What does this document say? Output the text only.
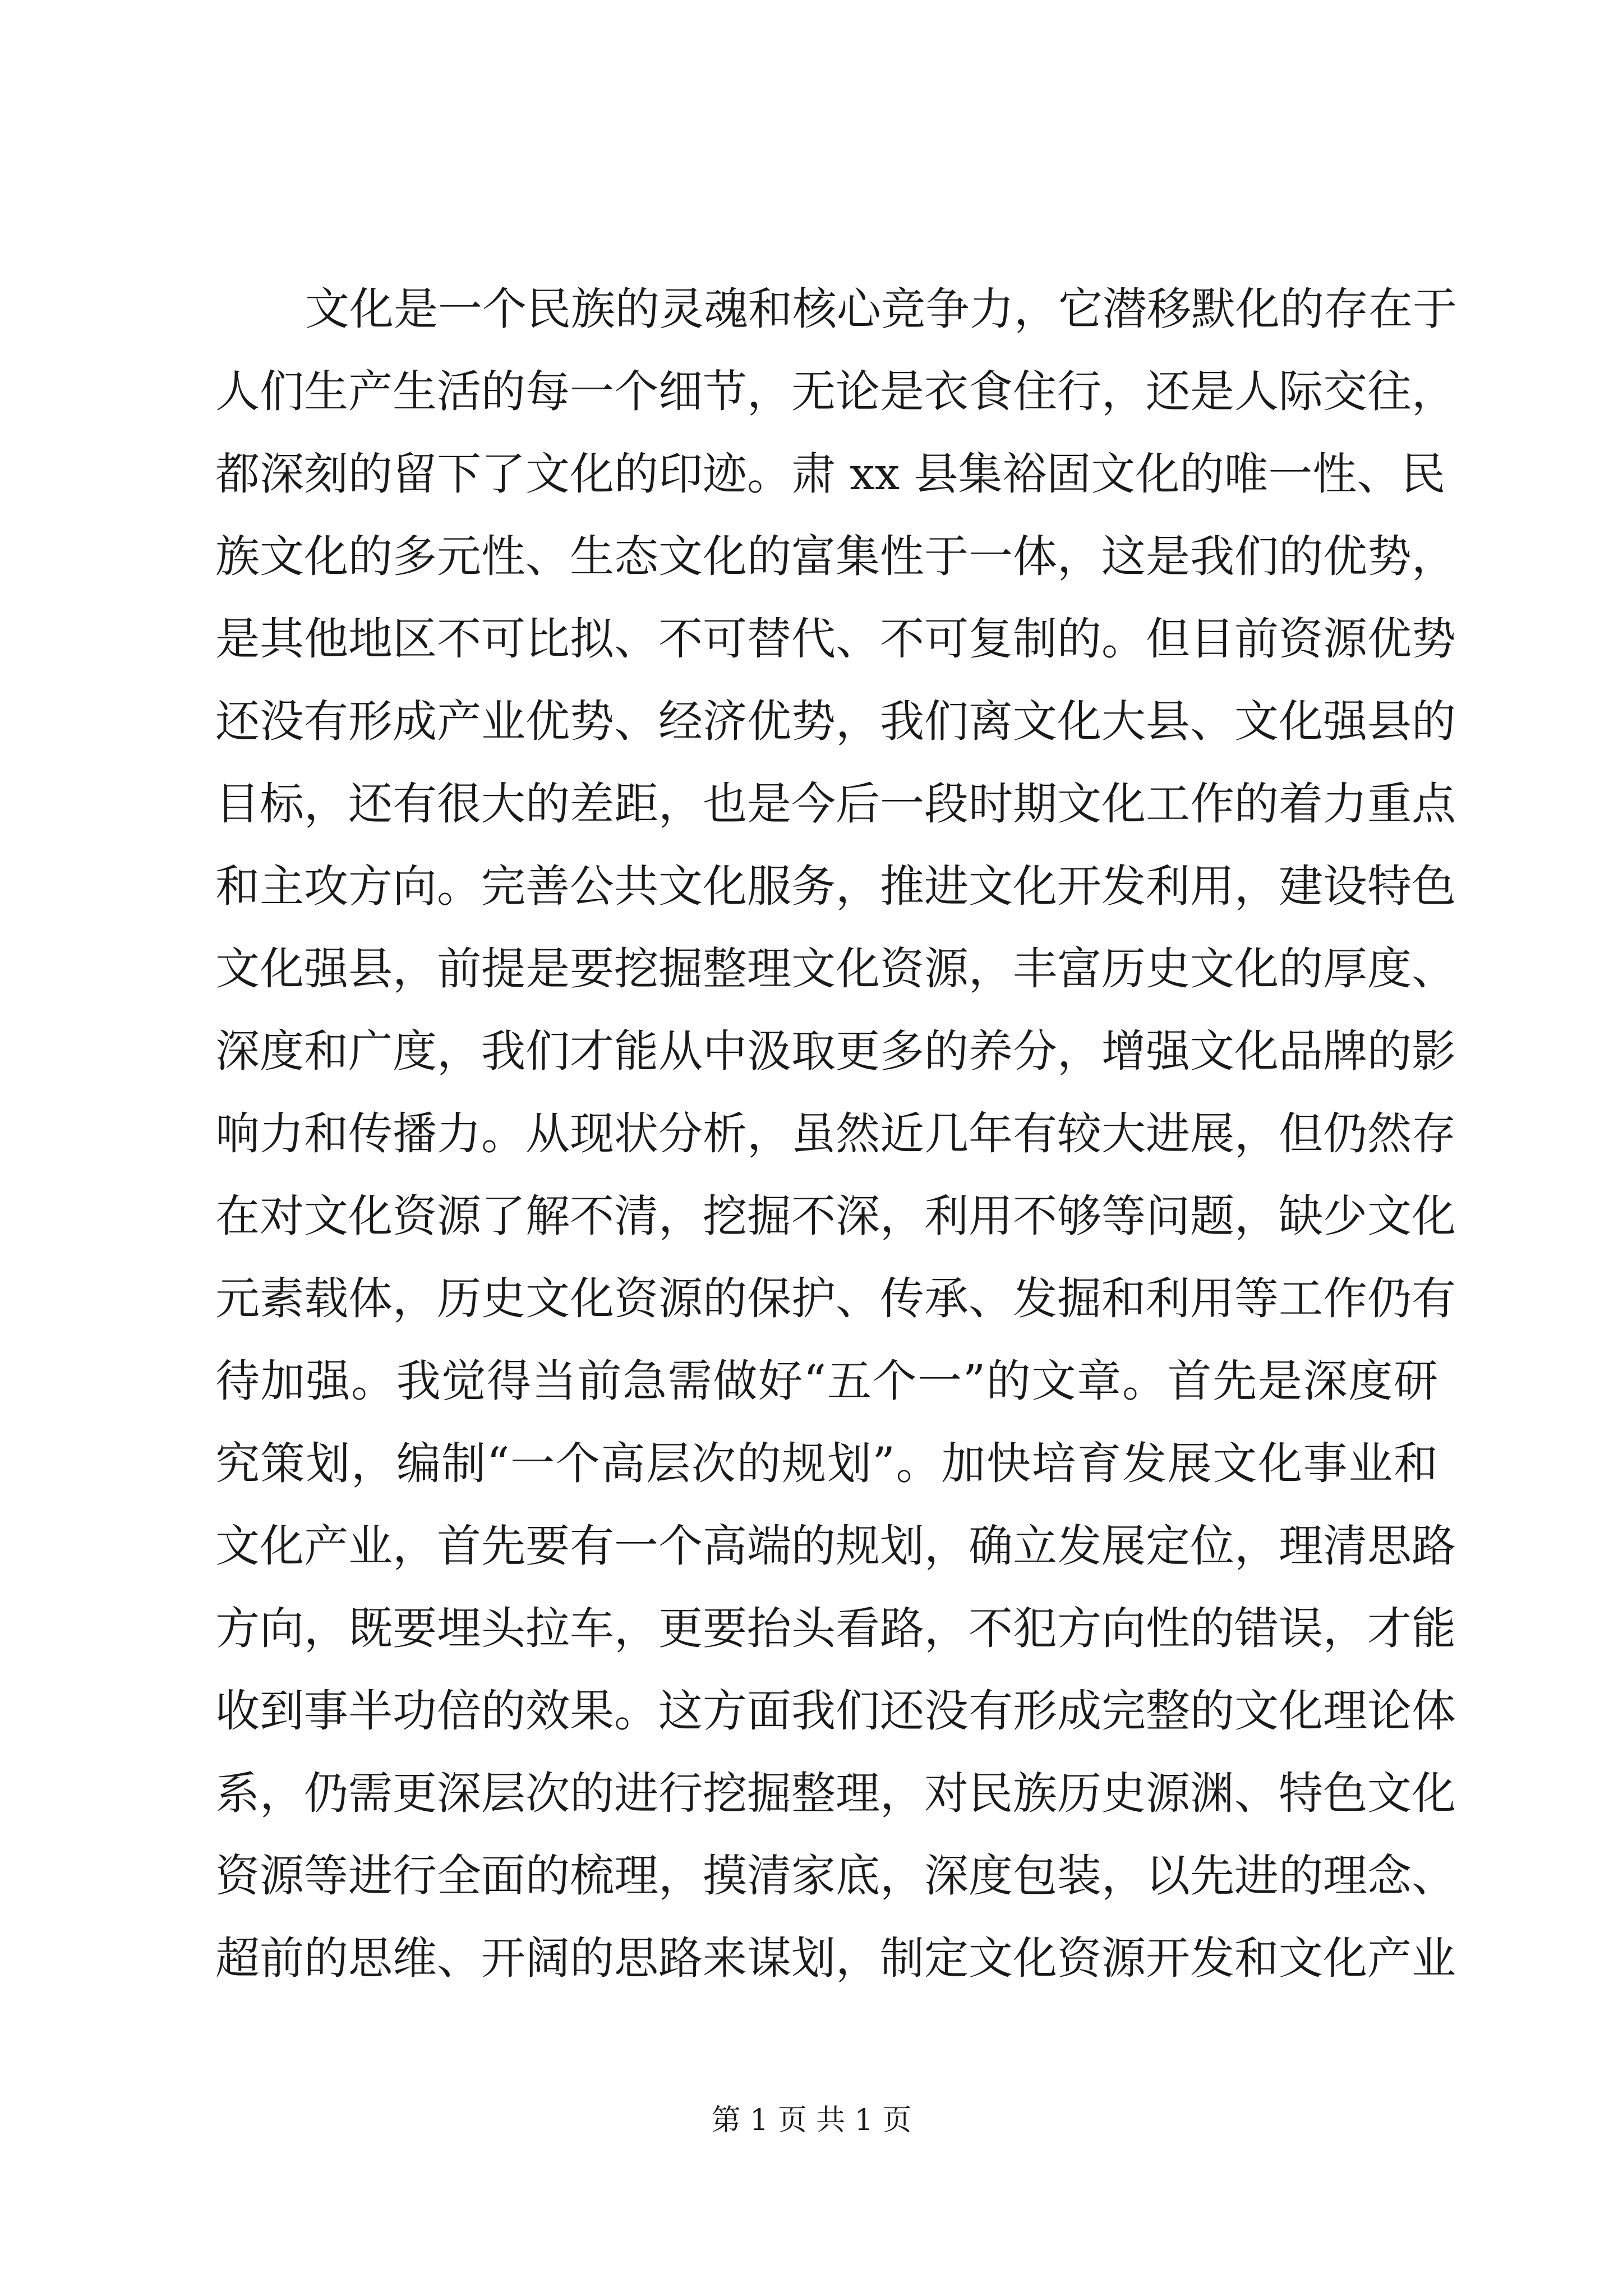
文化是一个民族的灵魂和核心竞争力，它潜移默化的存在于
人们生产生活的每一个细节，无论是衣食住行，还是人际交往，
都深刻的留下了文化的印迹。肃 xx 县集裕固文化的唯一性、民
族文化的多元性、生态文化的富集性于一体，这是我们的优势，
是其他地区不可比拟、不可替代、不可复制的。但目前资源优势
还没有形成产业优势、经济优势，我们离文化大县、文化强县的
目标，还有很大的差距，也是今后一段时期文化工作的着力重点
和主攻方向。完善公共文化服务，推进文化开发利用，建设特色
文化强县，前提是要挖掘整理文化资源，丰富历史文化的厚度、
深度和广度，我们才能从中汲取更多的养分，增强文化品牌的影
响力和传播力。从现状分析，虽然近几年有较大进展，但仍然存
在对文化资源了解不清，挖掘不深，利用不够等问题，缺少文化
元素载体，历史文化资源的保护、传承、发掘和利用等工作仍有
待加强。我觉得当前急需做好“五个一”的文章。首先是深度研
究策划，编制“一个高层次的规划”。加快培育发展文化事业和
文化产业，首先要有一个高端的规划，确立发展定位，理清思路
方向，既要埋头拉车，更要抬头看路，不犯方向性的错误，才能
收到事半功倍的效果。这方面我们还没有形成完整的文化理论体
系，仍需更深层次的进行挖掘整理，对民族历史源渊、特色文化
资源等进行全面的梳理，摸清家底，深度包装，以先进的理念、
超前的思维、开阔的思路来谋划，制定文化资源开发和文化产业
第 1 页 共 1 页
